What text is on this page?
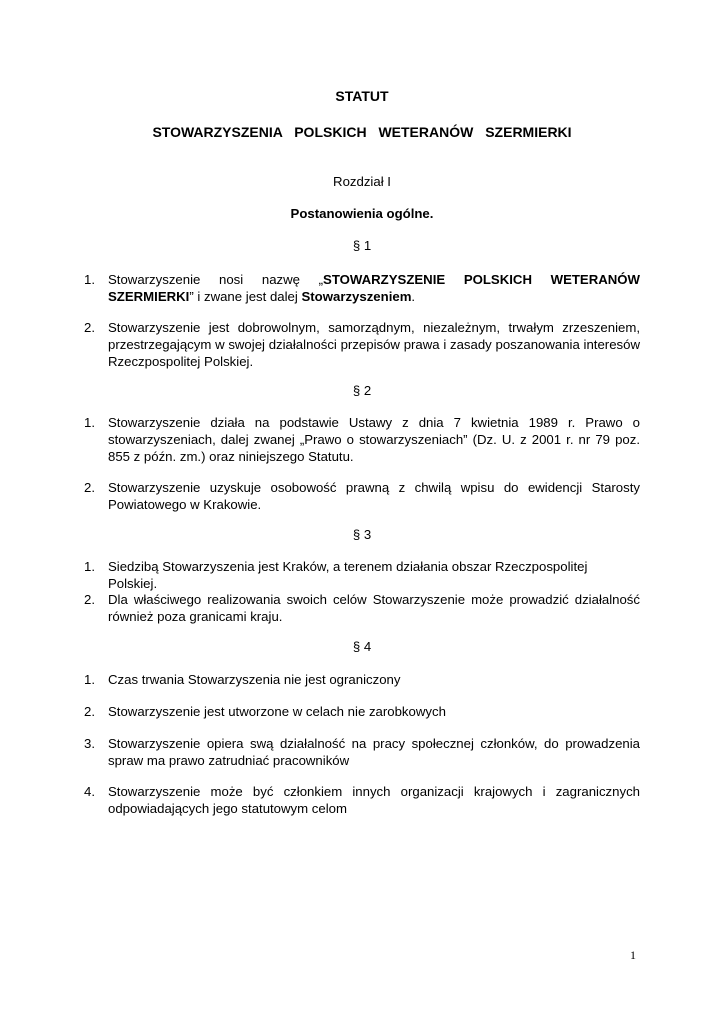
STATUT
STOWARZYSZENIA POLSKICH WETERANÓW SZERMIERKI
Rozdział I
Postanowienia ogólne.
§ 1
1. Stowarzyszenie nosi nazwę „STOWARZYSZENIE POLSKICH WETERANÓW SZERMIERKI” i zwane jest dalej Stowarzyszeniem.
2. Stowarzyszenie jest dobrowolnym, samorządnym, niezależnym, trwałym zrzeszeniem, przestrzegającym w swojej działalności przepisów prawa i zasady poszanowania interesów Rzeczpospolitej Polskiej.
§ 2
1. Stowarzyszenie działa na podstawie Ustawy z dnia 7 kwietnia 1989 r. Prawo o stowarzyszeniach, dalej zwanej „Prawo o stowarzyszeniach” (Dz. U. z 2001 r. nr 79 poz. 855 z późn. zm.) oraz niniejszego Statutu.
2. Stowarzyszenie uzyskuje osobowość prawną z chwilą wpisu do ewidencji Starosty Powiatowego w Krakowie.
§ 3
1. Siedzibą Stowarzyszenia jest Kraków, a terenem działania obszar Rzeczpospolitej Polskiej.
2. Dla właściwego realizowania swoich celów Stowarzyszenie może prowadzić działalność również poza granicami kraju.
§ 4
1. Czas trwania Stowarzyszenia nie jest ograniczony
2. Stowarzyszenie jest utworzone w celach nie zarobkowych
3. Stowarzyszenie opiera swą działalność na pracy społecznej członków, do prowadzenia spraw ma prawo zatrudniać pracowników
4. Stowarzyszenie może być członkiem innych organizacji krajowych i zagranicznych odpowiadających jego statutowym celom
1
